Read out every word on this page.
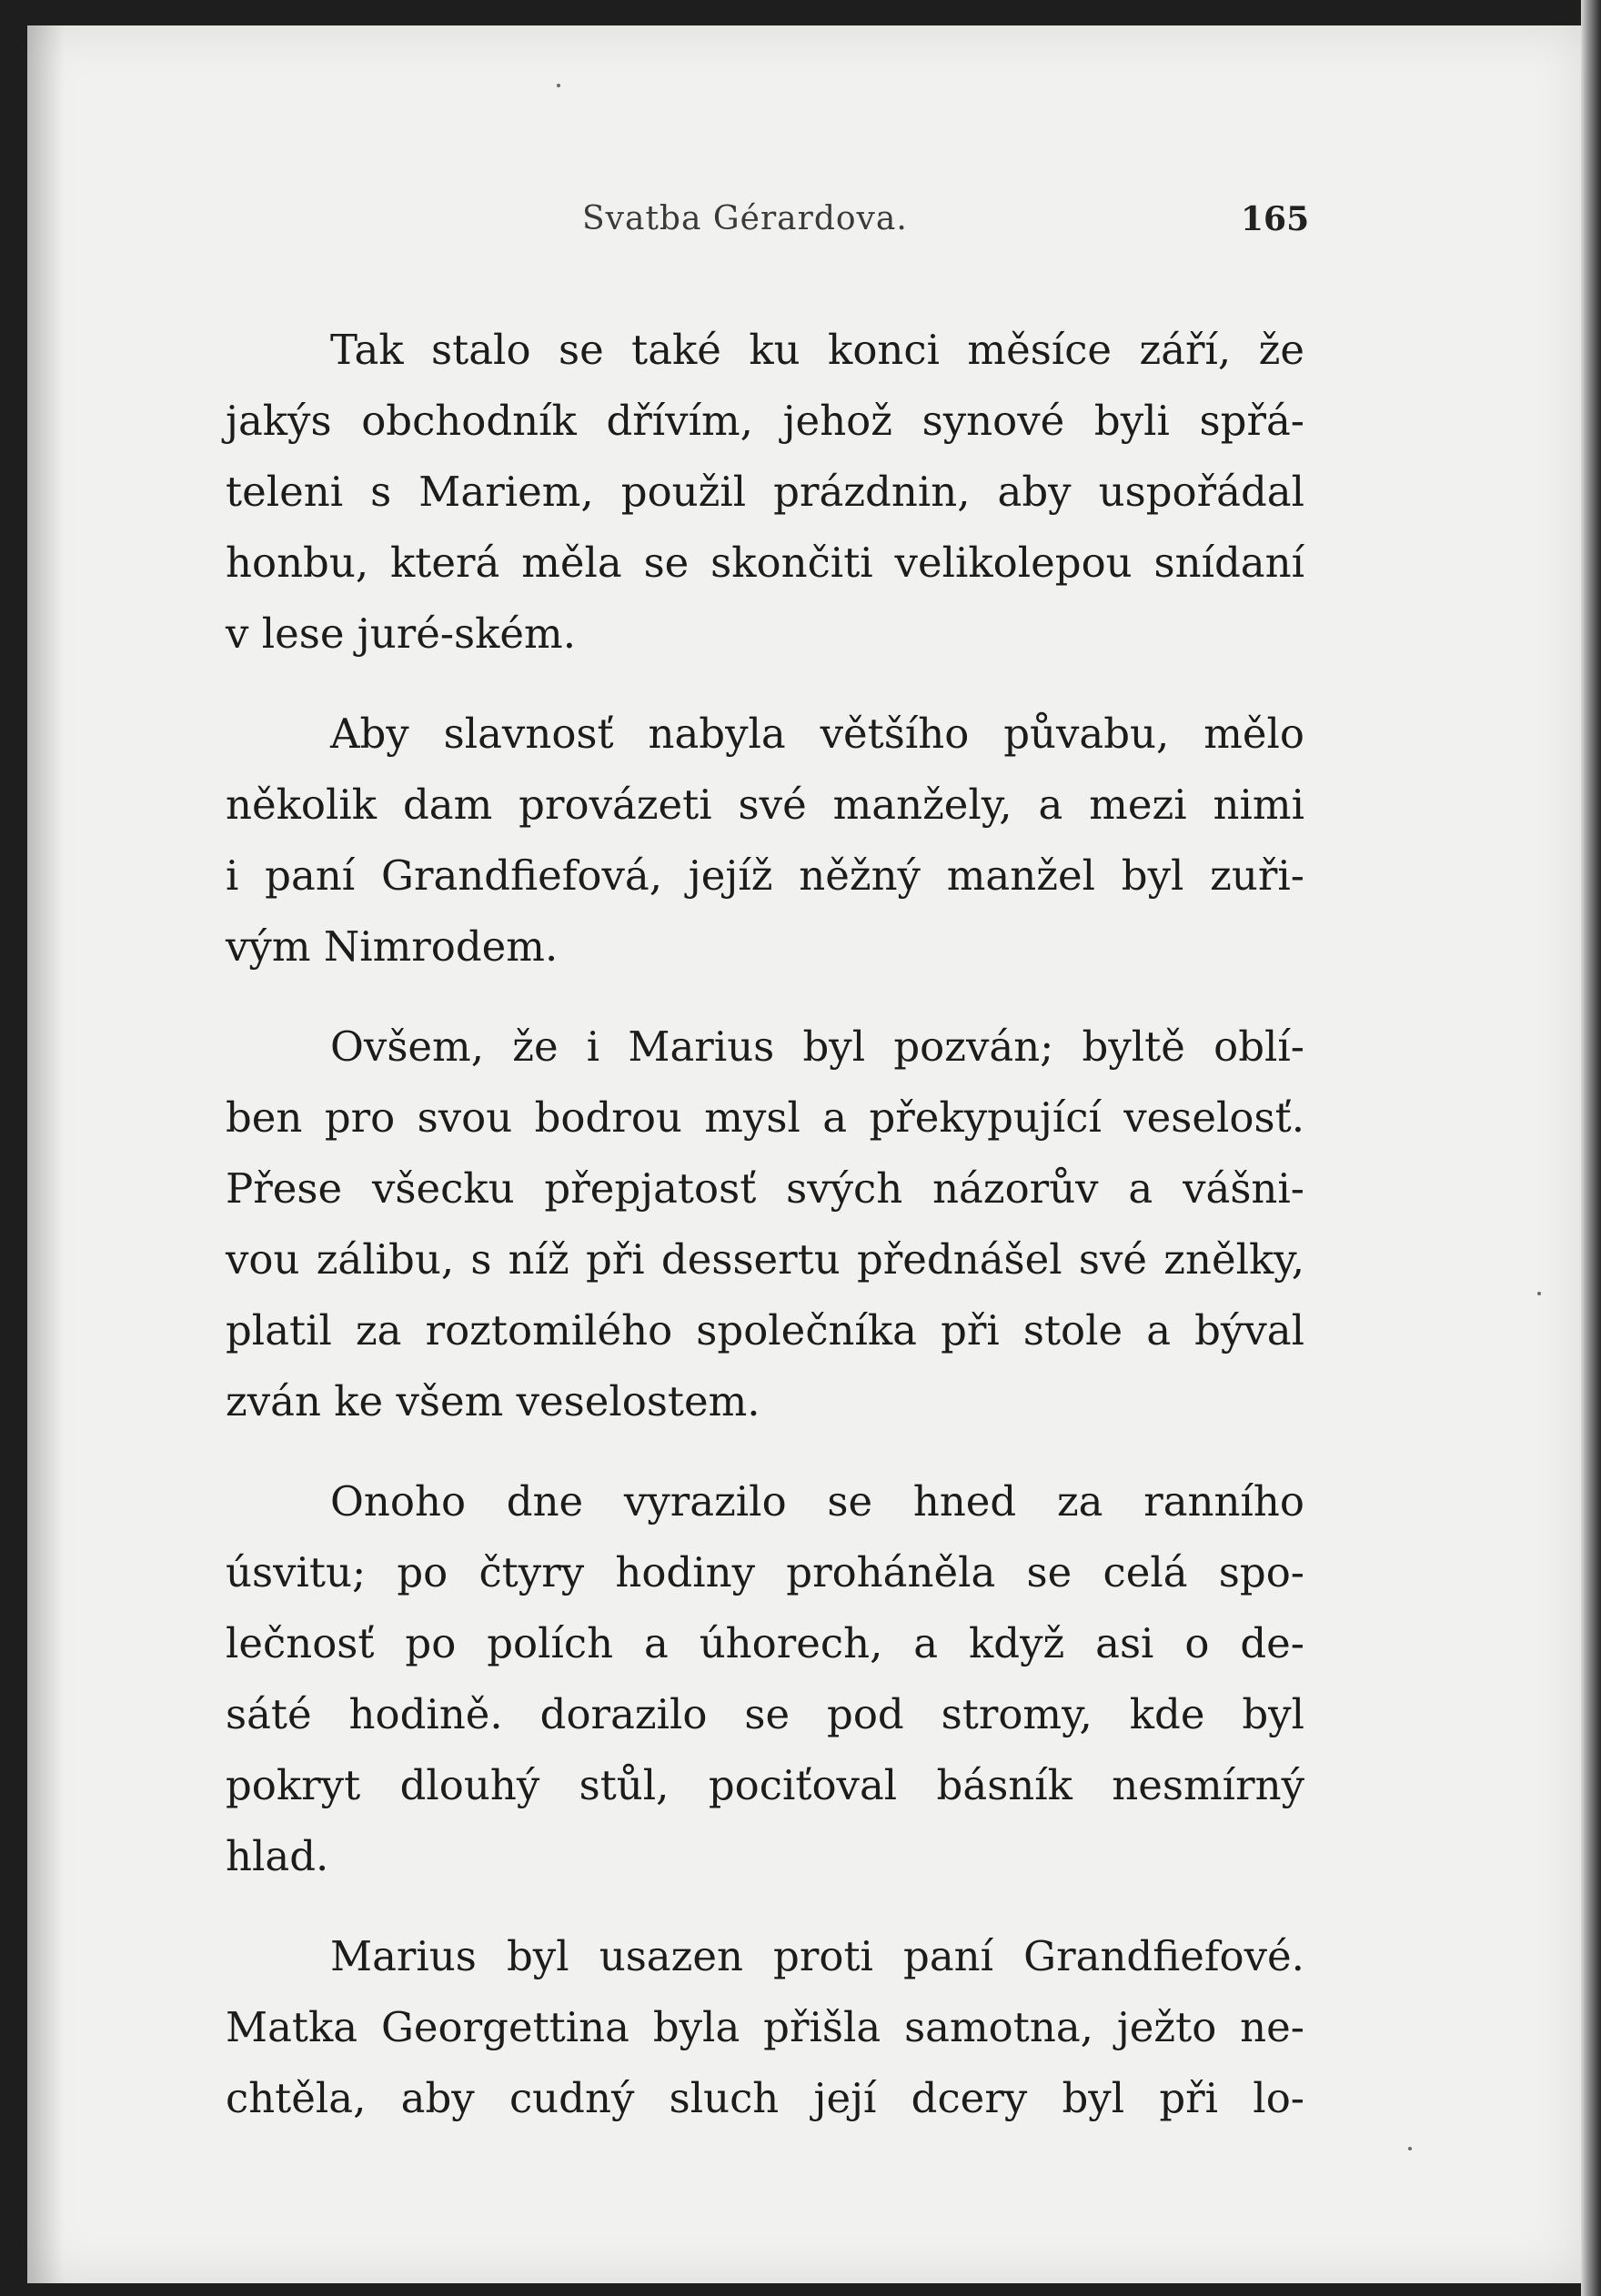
Svatba Gérardova.	165
Tak stalo se také ku konci měsíce září, že
jakýs obchodník dřívím, jehož synové byli spřá-
teleni s Mariem, použil prázdnin, aby uspořádal
honbu, která měla se skončiti velikolepou snídaní
v lese juré-ském.
Aby slavnosť nabyla většího půvabu, mělo
několik dam provázeti své manžely, a mezi nimi
i paní Grandfiefová, jejíž něžný manžel byl zuři-
vým Nimrodem.
Ovšem, že i Marius byl pozván; byltě oblí-
ben pro svou bodrou mysl a překypující veselosť.
Přese všecku přepjatosť svých názorův a vášni-
vou zálibu, s níž při dessertu přednášel své znělky,
platil za roztomilého společníka při stole a býval
zván ke všem veselostem.
Onoho dne vyrazilo se hned za ranního
úsvitu; po čtyry hodiny proháněla se celá spo-
lečnosť po polích a úhorech, a když asi o de-
sáté hodině. dorazilo se pod stromy, kde byl
pokryt dlouhý stůl, pociťoval básník nesmírný
hlad.
Marius byl usazen proti paní Grandfiefové.
Matka Georgettina byla přišla samotna, ježto ne-
chtěla, aby cudný sluch její dcery byl při lo-
